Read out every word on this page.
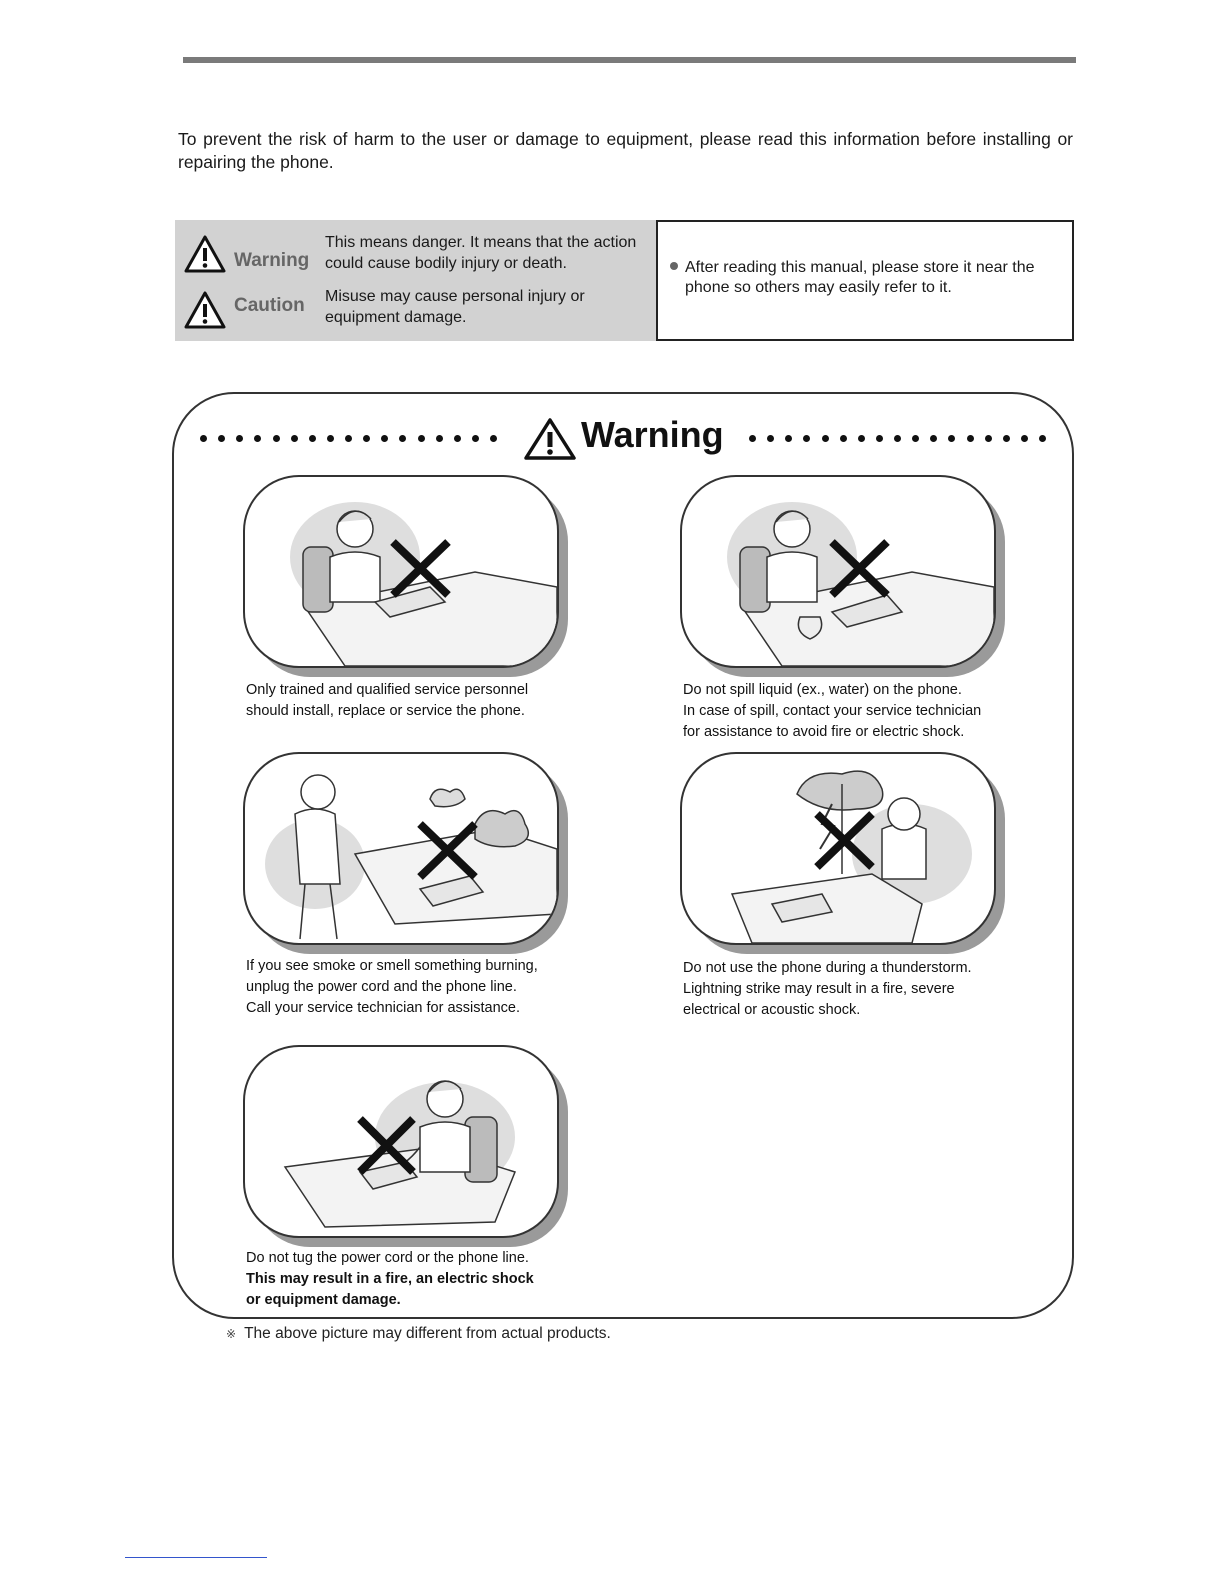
To prevent the risk of harm to the user or damage to equipment, please read this information before installing or repairing the phone.
Warning
This means danger. It means that the action could cause bodily injury or death.
Caution Misuse may cause personal injury or equipment damage.
After reading this manual, please store it near the phone so others may easily refer to it.
Warning
Only trained and qualified service personnel
should install, replace or service the phone.
Do not spill liquid (ex., water) on the phone.
In case of spill, contact your service technician
for assistance to avoid fire or electric shock.
If you see smoke or smell something burning,
unplug the power cord and the phone line.
Call your service technician for assistance.
Do not use the phone during a thunderstorm.
Lightning strike may result in a fire, severe
electrical or acoustic shock.
Do not tug the power cord or the phone line.
This may result in a fire, an electric shock
or equipment damage.
※ The above picture may different from actual products.
